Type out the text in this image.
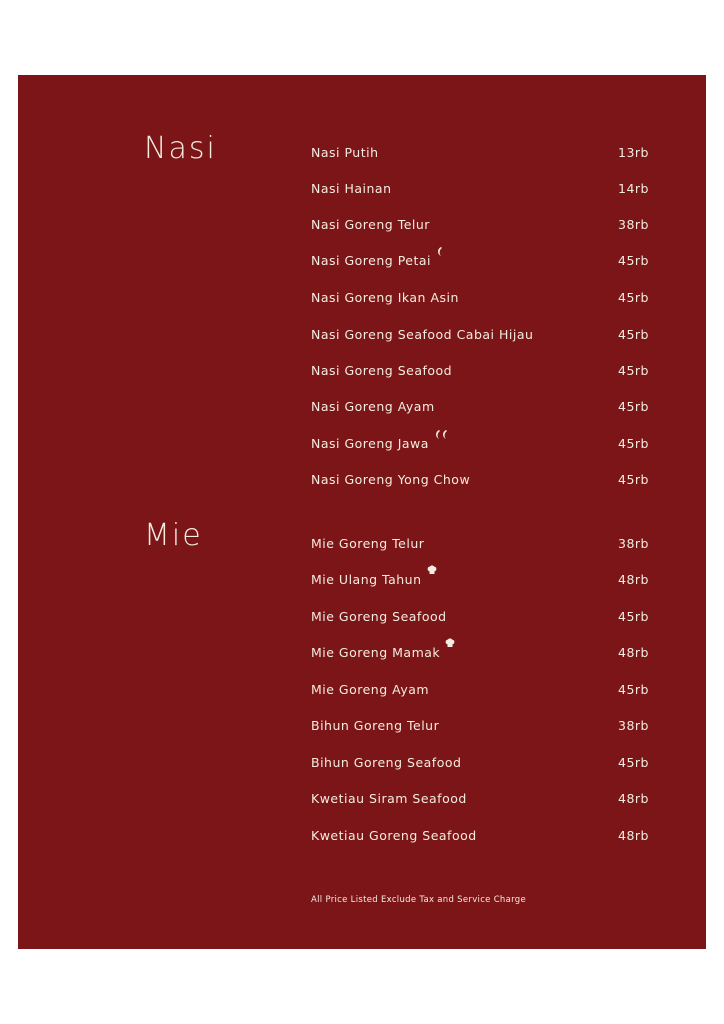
Nasi	Nasi Putih	13rb
Nasi Hainan	14rb
Nasi Goreng Telur	38rb
Nasi Goreng Petai	45rb
Nasi Goreng Ikan Asin	45rb
Nasi Goreng Seafood Cabai Hijau	45rb
Nasi Goreng Seafood	45rb
Nasi Goreng Ayam	45rb
Nasi Goreng Jawa	45rb
Nasi Goreng Yong Chow	45rb
Mie	Mie Goreng Telur	38rb
Mie Ulang Tahun	48rb
Mie Goreng Seafood	45rb
Mie Goreng Mamak	48rb
Mie Goreng Ayam	45rb
Bihun Goreng Telur	38rb
Bihun Goreng Seafood	45rb
Kwetiau Siram Seafood	48rb
Kwetiau Goreng Seafood	48rb
All Price Listed Exclude Tax and Service Charge
